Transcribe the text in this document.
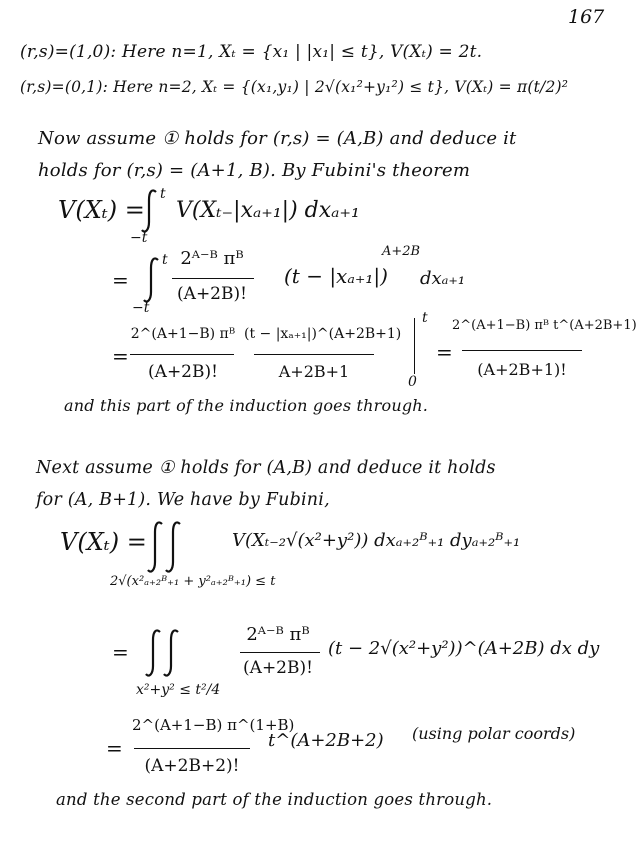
167
(r,s)=(1,0): Here n=1, Xₜ = {x₁ | |x₁| ≤ t}, V(Xₜ) = 2t.
(r,s)=(0,1): Here n=2, Xₜ = {(x₁,y₁) | 2√(x₁²+y₁²) ≤ t}, V(Xₜ) = π(t/2)²
Now assume ① holds for (r,s) = (A,B) and deduce it
holds for (r,s) = (A+1, B). By Fubini's theorem
V(Xₜ) =
t
−t
V(Xₜ₋|xₐ₊₁|) dxₐ₊₁
=
t
−t
2ᴬ⁻ᴮ πᴮ
(A+2B)!
(t − |xₐ₊₁|)
A+2B
dxₐ₊₁
=
2^(A+1−B) πᴮ
(A+2B)!
(t − |xₐ₊₁|)^(A+2B+1)
A+2B+1
t
0
=
2^(A+1−B) πᴮ t^(A+2B+1)
(A+2B+1)!
and this part of the induction goes through.
Next assume ① holds for (A,B) and deduce it holds
for (A, B+1). We have by Fubini,
V(Xₜ) =
2√(x²ₐ₊₂ᴮ₊₁ + y²ₐ₊₂ᴮ₊₁) ≤ t
V(Xₜ₋₂√(x²+y²)) dxₐ₊₂ᴮ₊₁ dyₐ₊₂ᴮ₊₁
=
x²+y² ≤ t²/4
2ᴬ⁻ᴮ πᴮ
(A+2B)!
(t − 2√(x²+y²))^(A+2B) dx dy
=
2^(A+1−B) π^(1+B)
(A+2B+2)!
t^(A+2B+2) (using polar coords)
and the second part of the induction goes through.
